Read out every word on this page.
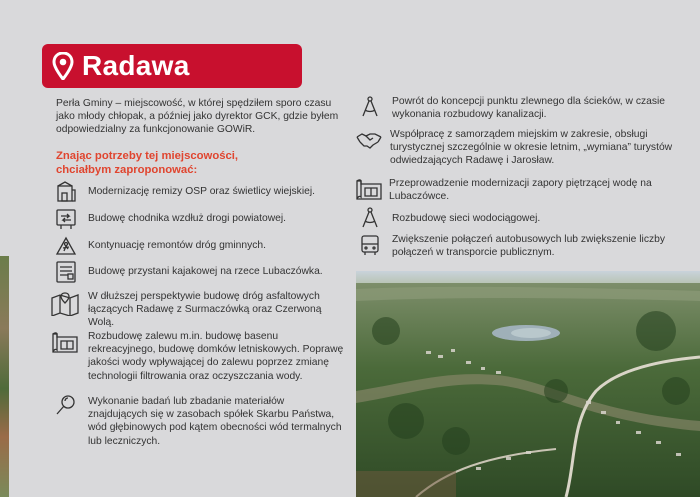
Radawa
Perła Gminy – miejscowość, w której spędziłem sporo czasu jako młody chłopak, a później jako dyrektor GCK, gdzie byłem odpowiedzialny za funkcjonowanie GOWiR.
Znając potrzeby tej miejscowości, chciałbym zaproponować:
Modernizację remizy OSP oraz świetlicy wiejskiej.
Budowę chodnika wzdłuż drogi powiatowej.
Kontynuację remontów dróg gminnych.
Budowę przystani kajakowej na rzece Lubaczówka.
W dłuższej perspektywie budowę dróg asfaltowych łączących Radawę z Surmaczówką oraz Czerwoną Wolą.
Rozbudowę zalewu m.in. budowę basenu rekreacyjnego, budowę domków letniskowych. Poprawę jakości wody wpływającej do zalewu poprzez zmianę technologii filtrowania oraz oczyszczania wody.
Wykonanie badań lub zbadanie materiałów znajdujących się w zasobach spółek Skarbu Państwa, wód głębinowych pod kątem obecności wód termalnych lub leczniczych.
Powrót do koncepcji punktu zlewnego dla ścieków, w czasie wykonania rozbudowy kanalizacji.
Współpracę z samorządem miejskim w zakresie, obsługi turystycznej szczególnie w okresie letnim, „wymiana” turystów odwiedzających Radawę i Jarosław.
Przeprowadzenie modernizacji zapory piętrzącej wodę na Lubaczówce.
Rozbudowę sieci wodociągowej.
Zwiększenie połączeń autobusowych lub zwiększenie liczby połączeń w transporcie publicznym.
